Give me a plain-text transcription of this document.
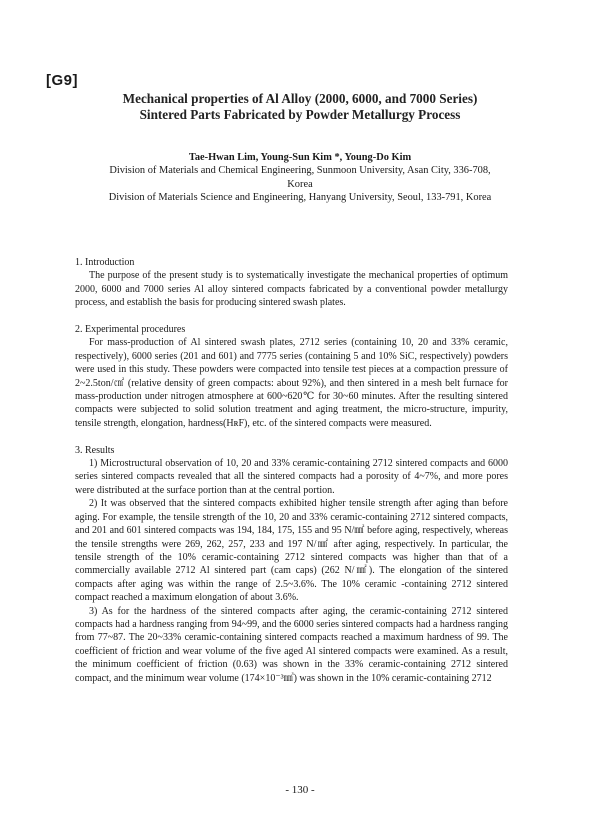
[G9]
Mechanical properties of Al Alloy (2000, 6000, and 7000 Series)
Sintered Parts Fabricated by Powder Metallurgy Process
Tae-Hwan Lim, Young-Sun Kim *, Young-Do Kim
Division of Materials and Chemical Engineering, Sunmoon University, Asan City, 336-708,
Korea
Division of Materials Science and Engineering, Hanyang University, Seoul, 133-791, Korea

1. Introduction

The purpose of the present study is to systematically investigate the mechanical properties of optimum 2000, 6000 and 7000 series Al alloy sintered compacts fabricated by a conventional powder metallurgy process, and establish the basis for producing sintered swash plates.

2. Experimental procedures

For mass-production of Al sintered swash plates, 2712 series (containing 10, 20 and 33% ceramic, respectively), 6000 series (201 and 601) and 7775 series (containing 5 and 10% SiC, respectively) powders were used in this study. These powders were compacted into tensile test pieces at a compaction pressure of 2~2.5ton/㎠ (relative density of green compacts: about 92%), and then sintered in a mesh belt furnace for mass-production under nitrogen atmosphere at 600~620℃ for 30~60 minutes. After the resulting sintered compacts were subjected to solid solution treatment and aging treatment, the micro-structure, impurity, tensile strength, elongation, hardness(HʀF), etc. of the sintered compacts were measured.

3. Results

1) Microstructural observation of 10, 20 and 33% ceramic-containing 2712 sintered compacts and 6000 series sintered compacts revealed that all the sintered compacts had a porosity of 4~7%, and more pores were distributed at the surface portion than at the central portion.

2) It was observed that the sintered compacts exhibited higher tensile strength after aging than before aging. For example, the tensile strength of the 10, 20 and 33% ceramic-containing 2712 sintered compacts, and 201 and 601 sintered compacts was 194, 184, 175, 155 and 95 N/㎟ before aging, respectively, whereas the tensile strengths were 269, 262, 257, 233 and 197 N/㎟ after aging, respectively. In particular, the tensile strength of the 10% ceramic-containing 2712 sintered compacts was higher than that of a commercially available 2712 Al sintered part (cam caps) (262 N/㎟). The elongation of the sintered compacts after aging was within the range of 2.5~3.6%. The 10% ceramic -containing 2712 sintered compact reached a maximum elongation of about 3.6%.

3) As for the hardness of the sintered compacts after aging, the ceramic-containing 2712 sintered compacts had a hardness ranging from 94~99, and the 6000 series sintered compacts had a hardness ranging from 77~87. The 20~33% ceramic-containing sintered compacts reached a maximum hardness of 99. The coefficient of friction and wear volume of the five aged Al sintered compacts were examined. As a result, the minimum coefficient of friction (0.63) was shown in the 33% ceramic-containing 2712 sintered compact, and the minimum wear volume (174×10⁻³㎣) was shown in the 10% ceramic-containing 2712

- 130 -
